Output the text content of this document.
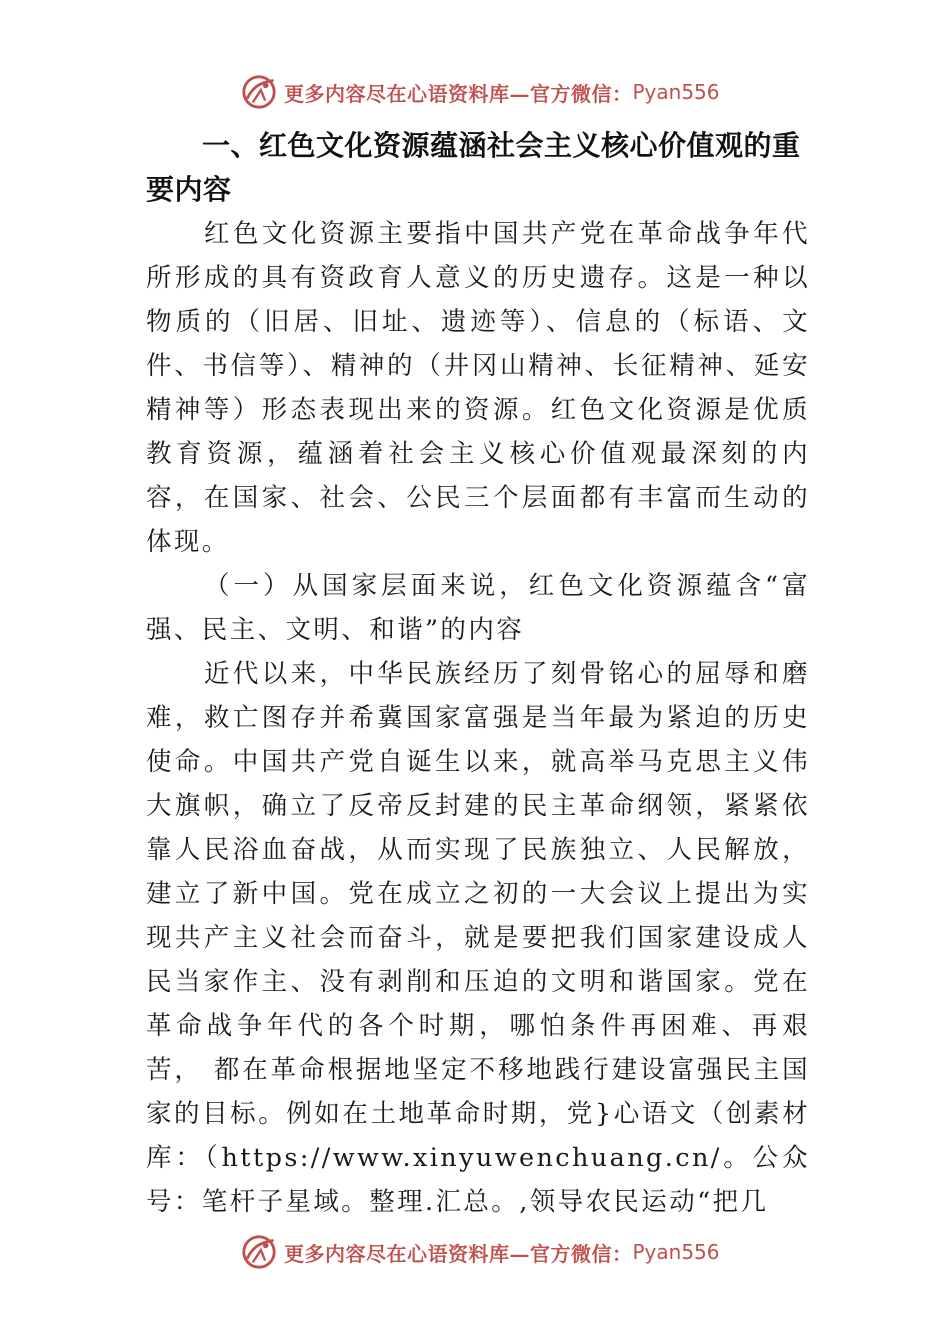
更多内容尽在心语资料库—官方微信： Pyan556
一、红色文化资源蕴涵社会主义核心价值观的重要内容

红色文化资源主要指中国共产党在革命战争年代所形成的具有资政育人意义的历史遗存。这是一种以物质的（旧居、旧址、遗迹等）、信息的（标语、文件、书信等）、精神的（井冈山精神、长征精神、延安精神等）形态表现出来的资源。红色文化资源是优质教育资源，蕴涵着社会主义核心价值观最深刻的内容，在国家、社会、公民三个层面都有丰富而生动的体现。

（一）从国家层面来说，红色文化资源蕴含“富强、民主、文明、和谐”的内容

近代以来，中华民族经历了刻骨铭心的屈辱和磨难，救亡图存并希冀国家富强是当年最为紧迫的历史使命。中国共产党自诞生以来，就高举马克思主义伟大旗帜，确立了反帝反封建的民主革命纲领，紧紧依靠人民浴血奋战，从而实现了民族独立、人民解放，建立了新中国。党在成立之初的一大会议上提出为实现共产主义社会而奋斗，就是要把我们国家建设成人民当家作主、没有剥削和压迫的文明和谐国家。党在革命战争年代的各个时期，哪怕条件再困难、再艰苦， 都在革命根据地坚定不移地践行建设富强民主国家的目标。例如在土地革命时期，党}心语文（创素材库：（https://www.xinyuwenchuang.cn/。公众号：笔杆子星域。整理.汇总。,领导农民运动“把几

更多内容尽在心语资料库—官方微信： Pyan556
